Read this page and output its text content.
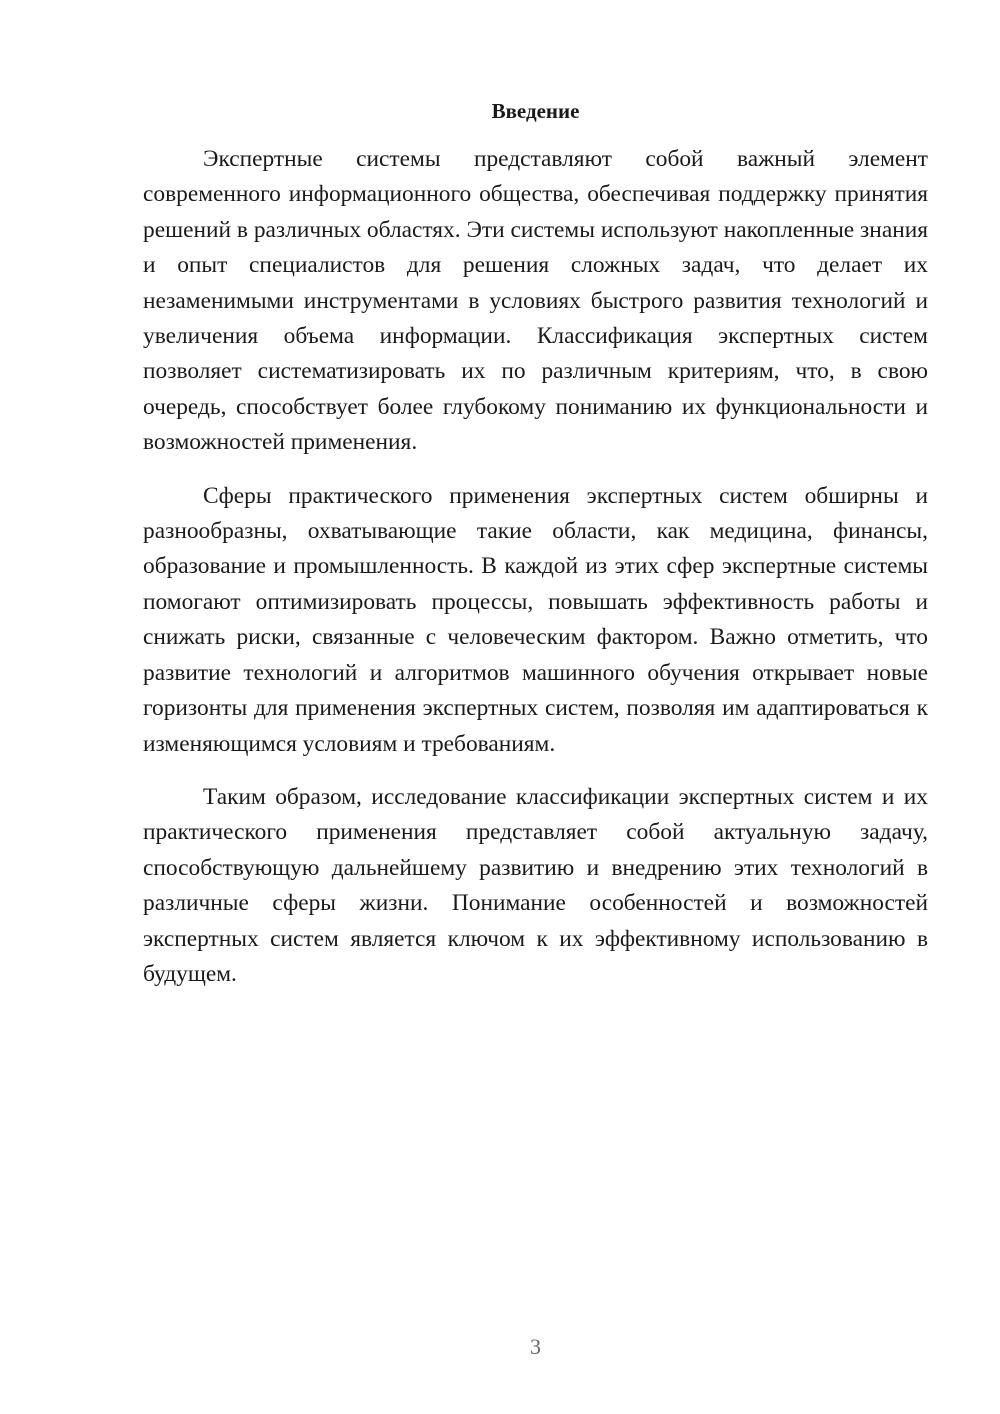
Введение

Экспертные системы представляют собой важный элемент современного информационного общества, обеспечивая поддержку принятия решений в различных областях. Эти системы используют накопленные знания и опыт специалистов для решения сложных задач, что делает их незаменимыми инструментами в условиях быстрого развития технологий и увеличения объема информации. Классификация экспертных систем позволяет систематизировать их по различным критериям, что, в свою очередь, способствует более глубокому пониманию их функциональности и возможностей применения.

Сферы практического применения экспертных систем обширны и разнообразны, охватывающие такие области, как медицина, финансы, образование и промышленность. В каждой из этих сфер экспертные системы помогают оптимизировать процессы, повышать эффективность работы и снижать риски, связанные с человеческим фактором. Важно отметить, что развитие технологий и алгоритмов машинного обучения открывает новые горизонты для применения экспертных систем, позволяя им адаптироваться к изменяющимся условиям и требованиям.

Таким образом, исследование классификации экспертных систем и их практического применения представляет собой актуальную задачу, способствующую дальнейшему развитию и внедрению этих технологий в различные сферы жизни. Понимание особенностей и возможностей экспертных систем является ключом к их эффективному использованию в будущем.

3
